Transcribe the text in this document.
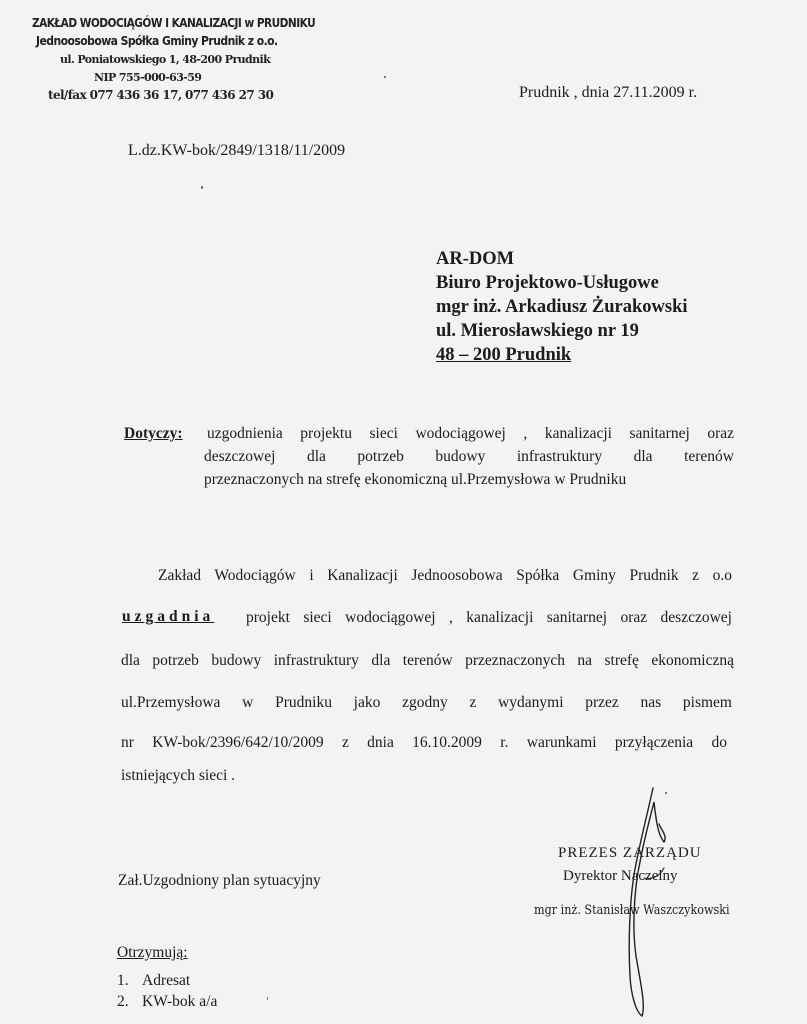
ZAKŁAD WODOCIĄGÓW I KANALIZACJI w PRUDNIKU
Jednoosobowa Spółka Gminy Prudnik z o.o.
ul. Poniatowskiego 1, 48-200 Prudnik
NIP 755-000-63-59
tel/fax 077 436 36 17, 077 436 27 30	Prudnik , dnia 27.11.2009 r.
L.dz.KW-bok/2849/1318/11/2009
AR-DOM
Biuro Projektowo-Usługowe
mgr inż. Arkadiusz Żurakowski
ul. Mierosławskiego nr 19
48 – 200 Prudnik
Dotyczy: uzgodnienia projektu sieci wodociągowej , kanalizacji sanitarnej oraz
deszczowej dla potrzeb budowy infrastruktury dla terenów
przeznaczonych na strefę ekonomiczną ul.Przemysłowa w Prudniku
Zakład Wodociągów i Kanalizacji Jednoosobowa Spółka Gminy Prudnik z o.o
uzgadnia projekt sieci wodociągowej , kanalizacji sanitarnej oraz deszczowej
dla potrzeb budowy infrastruktury dla terenów przeznaczonych na strefę ekonomiczną
ul.Przemysłowa w Prudniku jako zgodny z wydanymi przez nas pismem
nr KW-bok/2396/642/10/2009 z dnia 16.10.2009 r. warunkami przyłączenia do
istniejących sieci .
Zał.Uzgodniony plan sytuacyjny
PREZES ZARZĄDU
Dyrektor Naczelny
mgr inż. Stanisław Waszczykowski
Otrzymują:
1. Adresat
2. KW-bok a/a
